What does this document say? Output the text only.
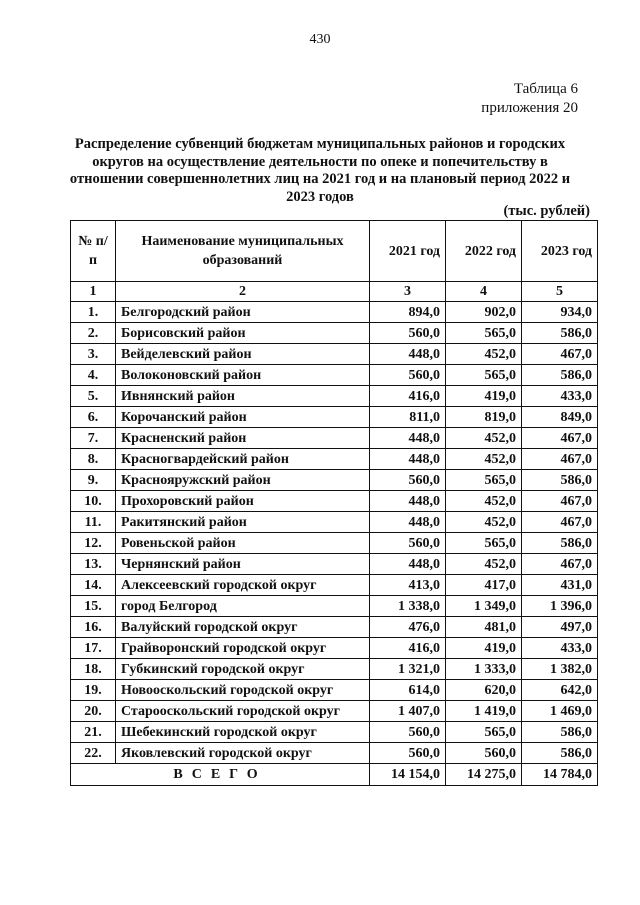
430
Таблица 6
приложения 20
Распределение субвенций бюджетам муниципальных районов и городских округов на осуществление деятельности по опеке и попечительству в отношении совершеннолетних лиц на 2021 год и на плановый период 2022 и 2023 годов
(тыс. рублей)
№ п/п	Наименование муниципальных образований	2021 год	2022 год	2023 год
1	2	3	4	5
1.	Белгородский район	894,0	902,0	934,0
2.	Борисовский район	560,0	565,0	586,0
3.	Вейделевский район	448,0	452,0	467,0
4.	Волоконовский район	560,0	565,0	586,0
5.	Ивнянский район	416,0	419,0	433,0
6.	Корочанский район	811,0	819,0	849,0
7.	Красненский район	448,0	452,0	467,0
8.	Красногвардейский район	448,0	452,0	467,0
9.	Краснояружский район	560,0	565,0	586,0
10.	Прохоровский район	448,0	452,0	467,0
11.	Ракитянский район	448,0	452,0	467,0
12.	Ровеньской район	560,0	565,0	586,0
13.	Чернянский район	448,0	452,0	467,0
14.	Алексеевский городской округ	413,0	417,0	431,0
15.	город Белгород	1 338,0	1 349,0	1 396,0
16.	Валуйский городской округ	476,0	481,0	497,0
17.	Грайворонский городской округ	416,0	419,0	433,0
18.	Губкинский городской округ	1 321,0	1 333,0	1 382,0
19.	Новооскольский городской округ	614,0	620,0	642,0
20.	Старооскольский городской округ	1 407,0	1 419,0	1 469,0
21.	Шебекинский городской округ	560,0	565,0	586,0
22.	Яковлевский городской округ	560,0	560,0	586,0
ВСЕГО		14 154,0	14 275,0	14 784,0
